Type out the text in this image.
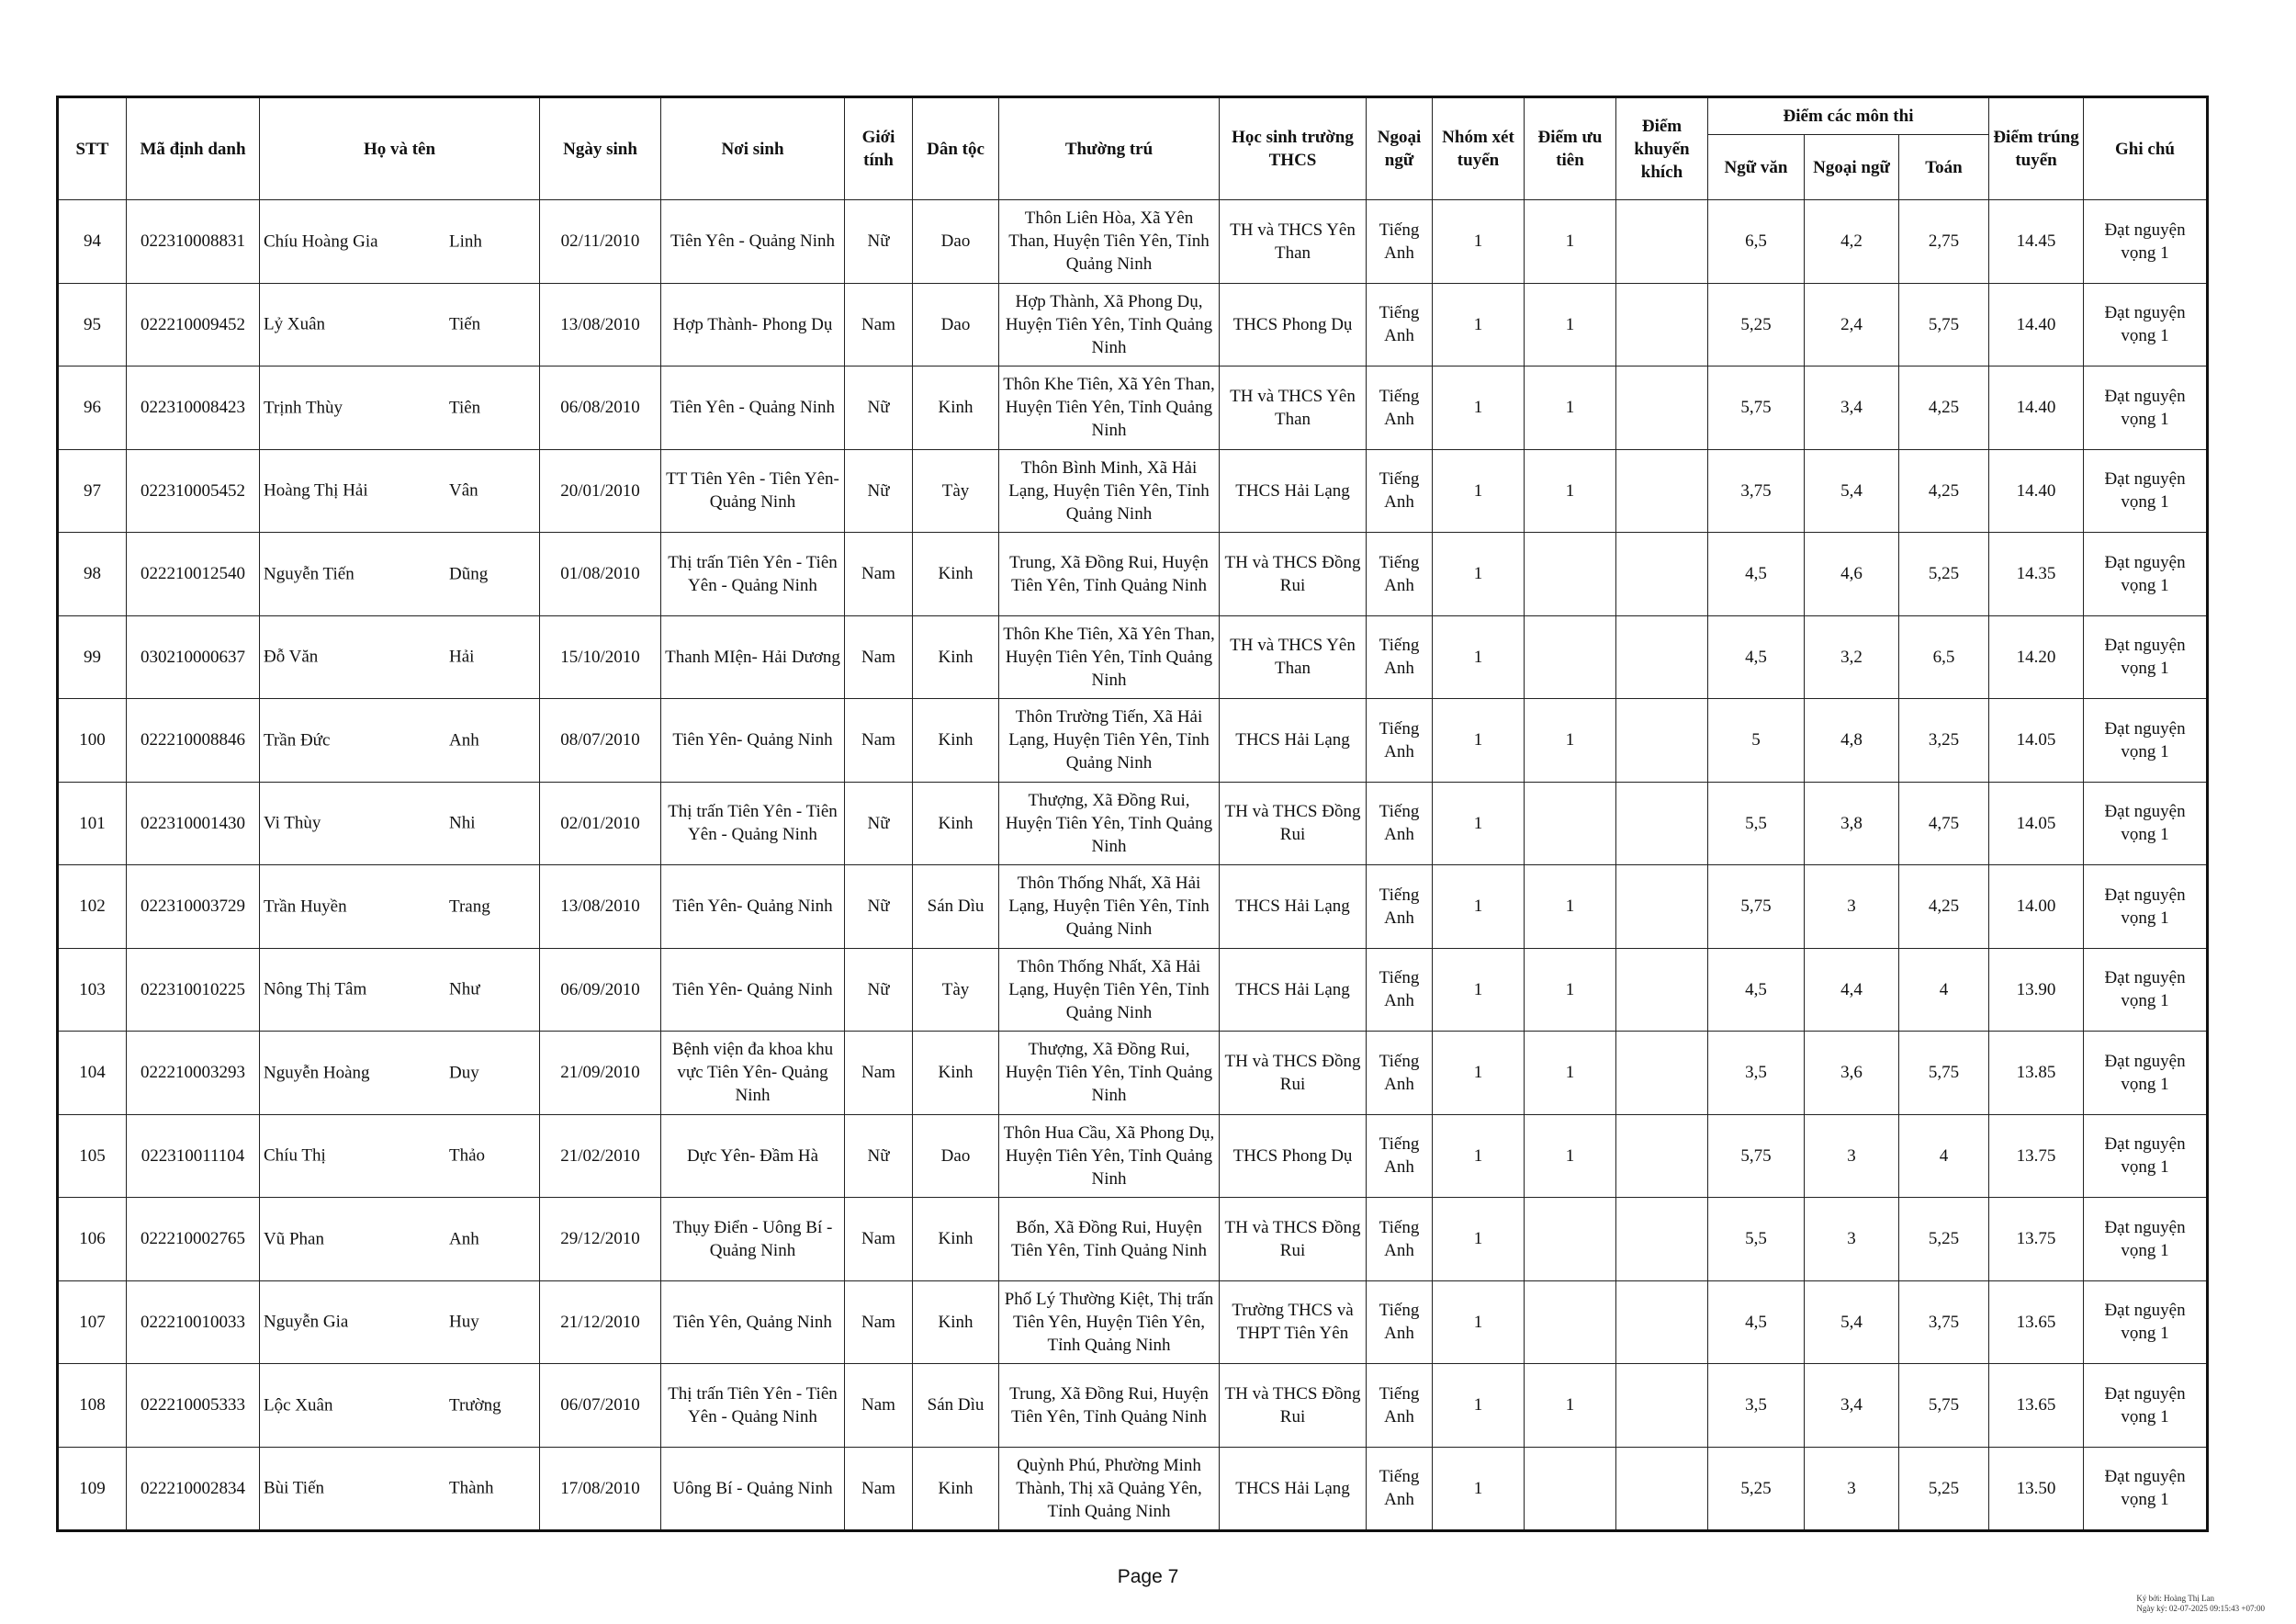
STT	Mã định danh	Họ và tên	Ngày sinh	Nơi sinh	Giới tính	Dân tộc	Thường trú	Học sinh trường THCS	Ngoại ngữ	Nhóm xét tuyển	Điểm ưu tiên	Điểm khuyến khích	Điểm các môn thi			Điểm trúng tuyển	Ghi chú
													Ngữ văn	Ngoại ngữ	Toán		
94	022310008831	Chíu Hoàng Gia Linh	02/11/2010	Tiên Yên - Quảng Ninh	Nữ	Dao	Thôn Liên Hòa, Xã Yên Than, Huyện Tiên Yên, Tỉnh Quảng Ninh	TH và THCS Yên Than	Tiếng Anh	1	1		6,5	4,2	2,75	14.45	Đạt nguyện vọng 1
95	022210009452	Lỷ Xuân Tiến	13/08/2010	Hợp Thành- Phong Dụ	Nam	Dao	Hợp Thành, Xã Phong Dụ, Huyện Tiên Yên, Tỉnh Quảng Ninh	THCS Phong Dụ	Tiếng Anh	1	1		5,25	2,4	5,75	14.40	Đạt nguyện vọng 1
96	022310008423	Trịnh Thùy Tiên	06/08/2010	Tiên Yên - Quảng Ninh	Nữ	Kinh	Thôn Khe Tiên, Xã Yên Than, Huyện Tiên Yên, Tỉnh Quảng Ninh	TH và THCS Yên Than	Tiếng Anh	1	1		5,75	3,4	4,25	14.40	Đạt nguyện vọng 1
97	022310005452	Hoàng Thị Hải Vân	20/01/2010	TT Tiên Yên - Tiên Yên- Quảng Ninh	Nữ	Tày	Thôn Bình Minh, Xã Hải Lạng, Huyện Tiên Yên, Tỉnh Quảng Ninh	THCS Hải Lạng	Tiếng Anh	1	1		3,75	5,4	4,25	14.40	Đạt nguyện vọng 1
98	022210012540	Nguyễn Tiến Dũng	01/08/2010	Thị trấn Tiên Yên - Tiên Yên - Quảng Ninh	Nam	Kinh	Trung, Xã Đồng Rui, Huyện Tiên Yên, Tỉnh Quảng Ninh	TH và THCS Đồng Rui	Tiếng Anh	1			4,5	4,6	5,25	14.35	Đạt nguyện vọng 1
99	030210000637	Đỗ Văn Hải	15/10/2010	Thanh MIện- Hải Dương	Nam	Kinh	Thôn Khe Tiên, Xã Yên Than, Huyện Tiên Yên, Tỉnh Quảng Ninh	TH và THCS Yên Than	Tiếng Anh	1			4,5	3,2	6,5	14.20	Đạt nguyện vọng 1
100	022210008846	Trần Đức Anh	08/07/2010	Tiên Yên- Quảng Ninh	Nam	Kinh	Thôn Trường Tiến, Xã Hải Lạng, Huyện Tiên Yên, Tỉnh Quảng Ninh	THCS Hải Lạng	Tiếng Anh	1	1		5	4,8	3,25	14.05	Đạt nguyện vọng 1
101	022310001430	Vi Thùy Nhi	02/01/2010	Thị trấn Tiên Yên - Tiên Yên - Quảng Ninh	Nữ	Kinh	Thượng, Xã Đồng Rui, Huyện Tiên Yên, Tỉnh Quảng Ninh	TH và THCS Đồng Rui	Tiếng Anh	1			5,5	3,8	4,75	14.05	Đạt nguyện vọng 1
102	022310003729	Trần Huyền Trang	13/08/2010	Tiên Yên- Quảng Ninh	Nữ	Sán Dìu	Thôn Thống Nhất, Xã Hải Lạng, Huyện Tiên Yên, Tỉnh Quảng Ninh	THCS Hải Lạng	Tiếng Anh	1	1		5,75	3	4,25	14.00	Đạt nguyện vọng 1
103	022310010225	Nông Thị Tâm Như	06/09/2010	Tiên Yên- Quảng Ninh	Nữ	Tày	Thôn Thống Nhất, Xã Hải Lạng, Huyện Tiên Yên, Tỉnh Quảng Ninh	THCS Hải Lạng	Tiếng Anh	1	1		4,5	4,4	4	13.90	Đạt nguyện vọng 1
104	022210003293	Nguyễn Hoàng Duy	21/09/2010	Bệnh viện đa khoa khu vực Tiên Yên- Quảng Ninh	Nam	Kinh	Thượng, Xã Đồng Rui, Huyện Tiên Yên, Tỉnh Quảng Ninh	TH và THCS Đồng Rui	Tiếng Anh	1	1		3,5	3,6	5,75	13.85	Đạt nguyện vọng 1
105	022310011104	Chíu Thị Thảo	21/02/2010	Dực Yên- Đầm Hà	Nữ	Dao	Thôn Hua Cầu, Xã Phong Dụ, Huyện Tiên Yên, Tỉnh Quảng Ninh	THCS Phong Dụ	Tiếng Anh	1	1		5,75	3	4	13.75	Đạt nguyện vọng 1
106	022210002765	Vũ Phan Anh	29/12/2010	Thụy Điển - Uông Bí - Quảng Ninh	Nam	Kinh	Bốn, Xã Đồng Rui, Huyện Tiên Yên, Tỉnh Quảng Ninh	TH và THCS Đồng Rui	Tiếng Anh	1			5,5	3	5,25	13.75	Đạt nguyện vọng 1
107	022210010033	Nguyễn Gia Huy	21/12/2010	Tiên Yên, Quảng Ninh	Nam	Kinh	Phố Lý Thường Kiệt, Thị trấn Tiên Yên, Huyện Tiên Yên, Tỉnh Quảng Ninh	Trường THCS và THPT Tiên Yên	Tiếng Anh	1			4,5	5,4	3,75	13.65	Đạt nguyện vọng 1
108	022210005333	Lộc Xuân Trường	06/07/2010	Thị trấn Tiên Yên - Tiên Yên - Quảng Ninh	Nam	Sán Dìu	Trung, Xã Đồng Rui, Huyện Tiên Yên, Tỉnh Quảng Ninh	TH và THCS Đồng Rui	Tiếng Anh	1	1		3,5	3,4	5,75	13.65	Đạt nguyện vọng 1
109	022210002834	Bùi Tiến Thành	17/08/2010	Uông Bí - Quảng Ninh	Nam	Kinh	Quỳnh Phú, Phường Minh Thành, Thị xã Quảng Yên, Tỉnh Quảng Ninh	THCS Hải Lạng	Tiếng Anh	1			5,25	3	5,25	13.50	Đạt nguyện vọng 1
Page 7
Ký bởi: Hoàng Thị Lan
Ngày ký: 02-07-2025 09:15:43 +07:00
